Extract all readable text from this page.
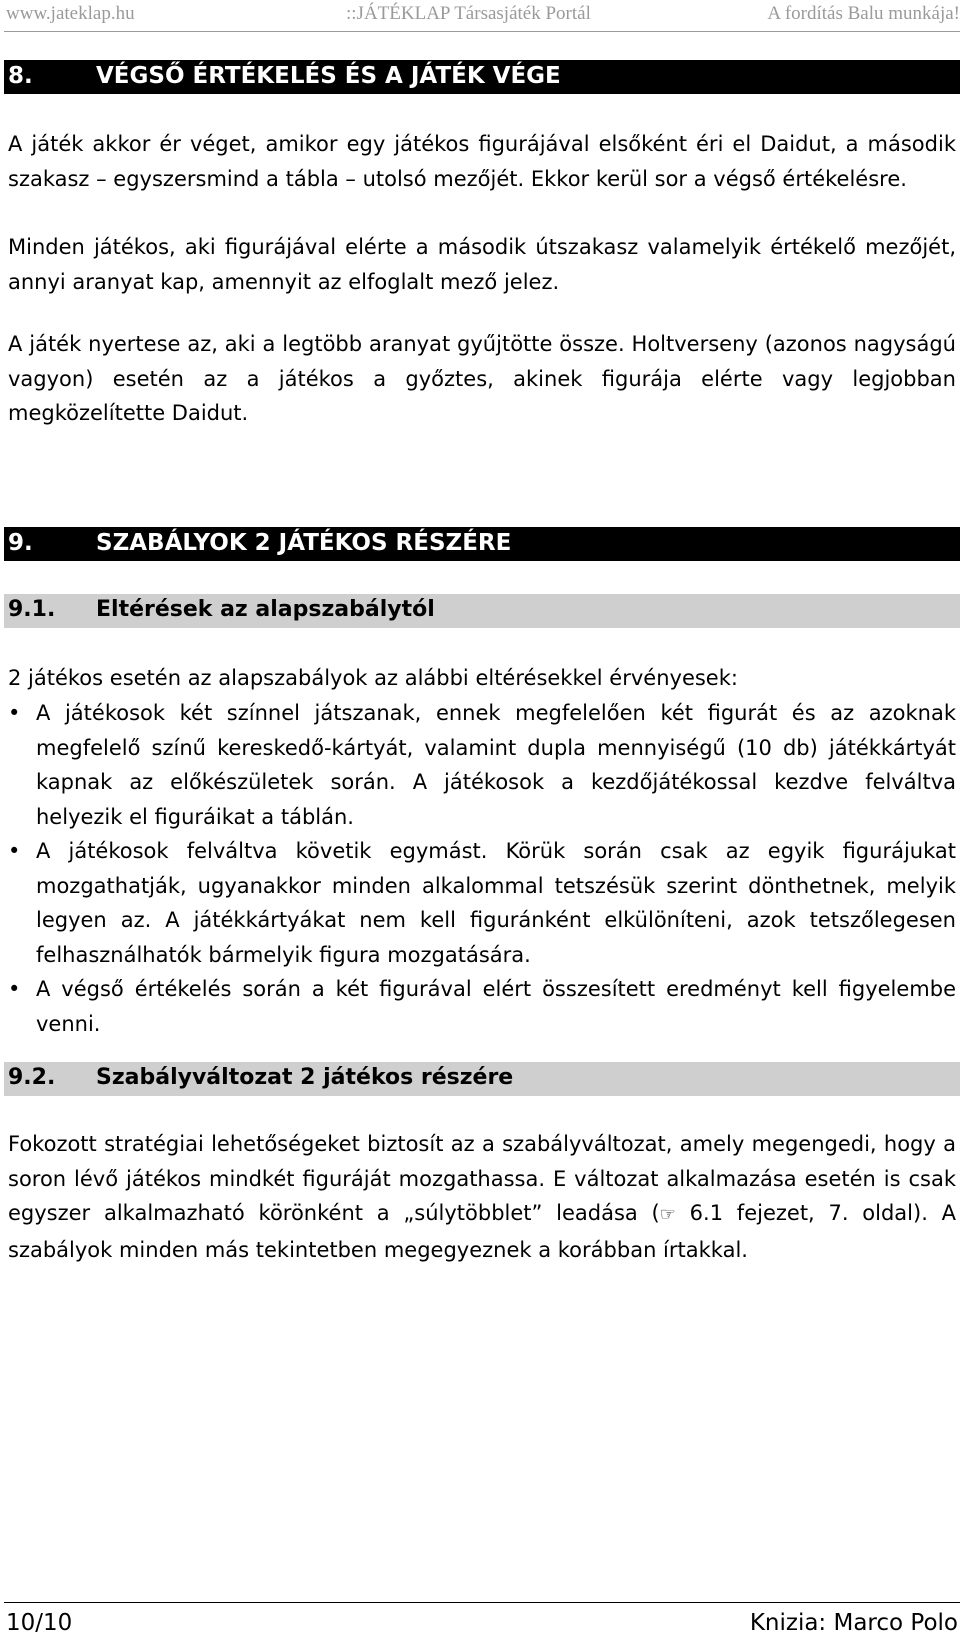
www.jateklap.hu	::JÁTÉKLAP Társasjáték Portál	A fordítás Balu munkája!
8.	VÉGSŐ ÉRTÉKELÉS ÉS A JÁTÉK VÉGE

A játék akkor ér véget, amikor egy játékos figurájával elsőként éri el Daidut, a második szakasz – egyszersmind a tábla – utolsó mezőjét. Ekkor kerül sor a végső értékelésre.

Minden játékos, aki figurájával elérte a második útszakasz valamelyik értékelő mezőjét, annyi aranyat kap, amennyit az elfoglalt mező jelez.

A játék nyertese az, aki a legtöbb aranyat gyűjtötte össze. Holtverseny (azonos nagyságú vagyon) esetén az a játékos a győztes, akinek figurája elérte vagy legjobban megközelítette Daidut.

9.	SZABÁLYOK 2 JÁTÉKOS RÉSZÉRE
9.1. Eltérések az alapszabálytól

2 játékos esetén az alapszabályok az alábbi eltérésekkel érvényesek:

• A játékosok két színnel játszanak, ennek megfelelően két figurát és az azoknak megfelelő színű kereskedő-kártyát, valamint dupla mennyiségű (10 db) játékkártyát kapnak az előkészületek során. A játékosok a kezdőjátékossal kezdve felváltva helyezik el figuráikat a táblán.
• A játékosok felváltva követik egymást. Körük során csak az egyik figurájukat mozgathatják, ugyanakkor minden alkalommal tetszésük szerint dönthetnek, melyik legyen az. A játékkártyákat nem kell figuránként elkülöníteni, azok tetszőlegesen felhasználhatók bármelyik figura mozgatására.
• A végső értékelés során a két figurával elért összesített eredményt kell figyelembe venni.
9.2. Szabályváltozat 2 játékos részére

Fokozott stratégiai lehetőségeket biztosít az a szabályváltozat, amely megengedi, hogy a soron lévő játékos mindkét figuráját mozgathassa. E változat alkalmazása esetén is csak egyszer alkalmazható körönként a „súlytöbblet” leadása (☞ 6.1 fejezet, 7. oldal). A szabályok minden más tekintetben megegyeznek a korábban írtakkal.

10/10	Knizia: Marco Polo
